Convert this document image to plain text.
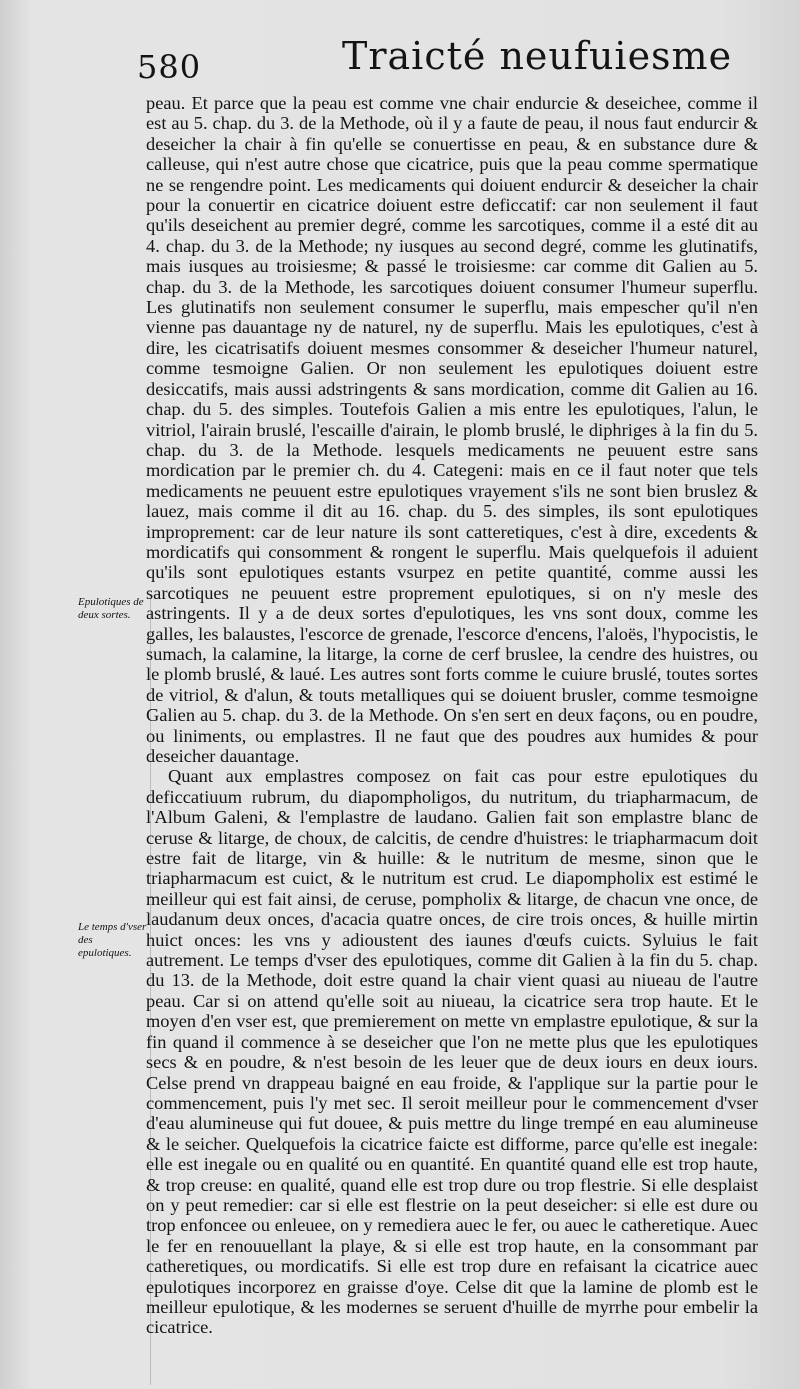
580	Traicté neufuiesme
Epulotiques de deux sortes.
Le temps d'vser des epulotiques.

peau. Et parce que la peau est comme vne chair endurcie & deseichee, comme il est au 5. chap. du 3. de la Methode, où il y a faute de peau, il nous faut endurcir & deseicher la chair à fin qu'elle se conuertisse en peau, & en substance dure & calleuse, qui n'est autre chose que cicatrice, puis que la peau comme spermatique ne se rengendre point. Les medicaments qui doiuent endurcir & deseicher la chair pour la conuertir en cicatrice doiuent estre deficcatif: car non seulement il faut qu'ils deseichent au premier degré, comme les sarcotiques, comme il a esté dit au 4. chap. du 3. de la Methode; ny iusques au second degré, comme les glutinatifs, mais iusques au troisiesme; & passé le troisiesme: car comme dit Galien au 5. chap. du 3. de la Methode, les sarcotiques doiuent consumer l'humeur superflu. Les glutinatifs non seulement consumer le superflu, mais empescher qu'il n'en vienne pas dauantage ny de naturel, ny de superflu. Mais les epulotiques, c'est à dire, les cicatrisatifs doiuent mesmes consommer & deseicher l'humeur naturel, comme tesmoigne Galien. Or non seulement les epulotiques doiuent estre desiccatifs, mais aussi adstringents & sans mordication, comme dit Galien au 16. chap. du 5. des simples. Toutefois Galien a mis entre les epulotiques, l'alun, le vitriol, l'airain bruslé, l'escaille d'airain, le plomb bruslé, le diphriges à la fin du 5. chap. du 3. de la Methode. lesquels medicaments ne peuuent estre sans mordication par le premier ch. du 4. Categeni: mais en ce il faut noter que tels medicaments ne peuuent estre epulotiques vrayement s'ils ne sont bien bruslez & lauez, mais comme il dit au 16. chap. du 5. des simples, ils sont epulotiques improprement: car de leur nature ils sont catteretiques, c'est à dire, excedents & mordicatifs qui consomment & rongent le superflu. Mais quelquefois il aduient qu'ils sont epulotiques estants vsurpez en petite quantité, comme aussi les sarcotiques ne peuuent estre proprement epulotiques, si on n'y mesle des astringents. Il y a de deux sortes d'epulotiques, les vns sont doux, comme les galles, les balaustes, l'escorce de grenade, l'escorce d'encens, l'aloës, l'hypocistis, le sumach, la calamine, la litarge, la corne de cerf bruslee, la cendre des huistres, ou le plomb bruslé, & laué. Les autres sont forts comme le cuiure bruslé, toutes sortes de vitriol, & d'alun, & touts metalliques qui se doiuent brusler, comme tesmoigne Galien au 5. chap. du 3. de la Methode. On s'en sert en deux façons, ou en poudre, ou liniments, ou emplastres. Il ne faut que des poudres aux humides & pour deseicher dauantage.

Quant aux emplastres composez on fait cas pour estre epulotiques du deficcatiuum rubrum, du diapompholigos, du nutritum, du triapharmacum, de l'Album Galeni, & l'emplastre de laudano. Galien fait son emplastre blanc de ceruse & litarge, de choux, de calcitis, de cendre d'huistres: le triapharmacum doit estre fait de litarge, vin & huille: & le nutritum de mesme, sinon que le triapharmacum est cuict, & le nutritum est crud. Le diapompholix est estimé le meilleur qui est fait ainsi, de ceruse, pompholix & litarge, de chacun vne once, de laudanum deux onces, d'acacia quatre onces, de cire trois onces, & huille mirtin huict onces: les vns y adioustent des iaunes d'œufs cuicts. Syluius le fait autrement. Le temps d'vser des epulotiques, comme dit Galien à la fin du 5. chap. du 13. de la Methode, doit estre quand la chair vient quasi au niueau de l'autre peau. Car si on attend qu'elle soit au niueau, la cicatrice sera trop haute. Et le moyen d'en vser est, que premierement on mette vn emplastre epulotique, & sur la fin quand il commence à se deseicher que l'on ne mette plus que les epulotiques secs & en poudre, & n'est besoin de les leuer que de deux iours en deux iours. Celse prend vn drappeau baigné en eau froide, & l'applique sur la partie pour le commencement, puis l'y met sec. Il seroit meilleur pour le commencement d'vser d'eau alumineuse qui fut douee, & puis mettre du linge trempé en eau alumineuse & le seicher. Quelquefois la cicatrice faicte est difforme, parce qu'elle est inegale: elle est inegale ou en qualité ou en quantité. En quantité quand elle est trop haute, & trop creuse: en qualité, quand elle est trop dure ou trop flestrie. Si elle desplaist on y peut remedier: car si elle est flestrie on la peut deseicher: si elle est dure ou trop enfoncee ou enleuee, on y remediera auec le fer, ou auec le catheretique. Auec le fer en renouuellant la playe, & si elle est trop haute, en la consommant par catheretiques, ou mordicatifs. Si elle est trop dure en refaisant la cicatrice auec epulotiques incorporez en graisse d'oye. Celse dit que la lamine de plomb est le meilleur epulotique, & les modernes se seruent d'huille de myrrhe pour embelir la cicatrice.
